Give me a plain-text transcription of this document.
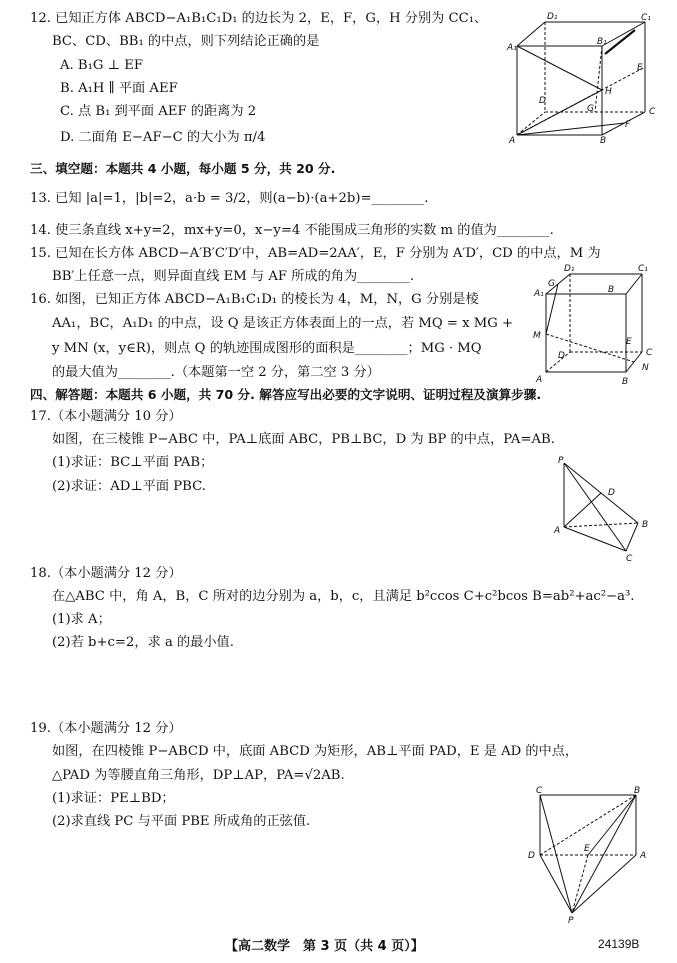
12. 已知正方体 ABCD−A₁B₁C₁D₁ 的边长为 2，E，F，G，H 分别为 CC₁、
BC、CD、BB₁ 的中点，则下列结论正确的是
A. B₁G ⊥ EF
B. A₁H ∥ 平面 AEF
C. 点 B₁ 到平面 AEF 的距离为 2
D. 二面角 E−AF−C 的大小为 π/4
D₁	C₁
A₁
B₁
E
D
G
H
C
F
A	B
三、填空题：本题共 4 小题，每小题 5 分，共 20 分.
13. 已知 |a|=1，|b|=2，a·b = 3/2，则(a−b)·(a+2b)=________.
14. 使三条直线 x+y=2，mx+y=0，x−y=4 不能围成三角形的实数 m 的值为________.
15. 已知在长方体 ABCD−A′B′C′D′中，AB=AD=2AA′，E，F 分别为 A′D′，CD 的中点，M 为
BB′上任意一点，则异面直线 EM 与 AF 所成的角为________.
16. 如图，已知正方体 ABCD−A₁B₁C₁D₁ 的棱长为 4，M，N，G 分别是棱
AA₁，BC，A₁D₁ 的中点，设 Q 是该正方体表面上的一点，若 MQ = x MG +
y MN (x，y∈R)，则点 Q 的轨迹围成图形的面积是________；MG · MQ
的最大值为________.（本题第一空 2 分，第二空 3 分）
D₁	C₁
G
A₁	B
M
D
E
C
A	B
N
四、解答题：本题共 6 小题，共 70 分. 解答应写出必要的文字说明、证明过程及演算步骤.
17.（本小题满分 10 分）
如图，在三棱锥 P−ABC 中，PA⊥底面 ABC，PB⊥BC，D 为 BP 的中点，PA=AB.
(1)求证：BC⊥平面 PAB；
(2)求证：AD⊥平面 PBC.
P
D
A
B
C
18.（本小题满分 12 分）
在△ABC 中，角 A，B，C 所对的边分别为 a，b，c，且满足 b²ccos C+c²bcos B=ab²+ac²−a³.
(1)求 A；
(2)若 b+c=2，求 a 的最小值.
19.（本小题满分 12 分）
如图，在四棱锥 P−ABCD 中，底面 ABCD 为矩形，AB⊥平面 PAD，E 是 AD 的中点，
△PAD 为等腰直角三角形，DP⊥AP，PA=√2AB.
(1)求证：PE⊥BD；
(2)求直线 PC 与平面 PBE 所成角的正弦值.
C	B
D
E
A
P
【高二数学　第 3 页（共 4 页）】	24139B
